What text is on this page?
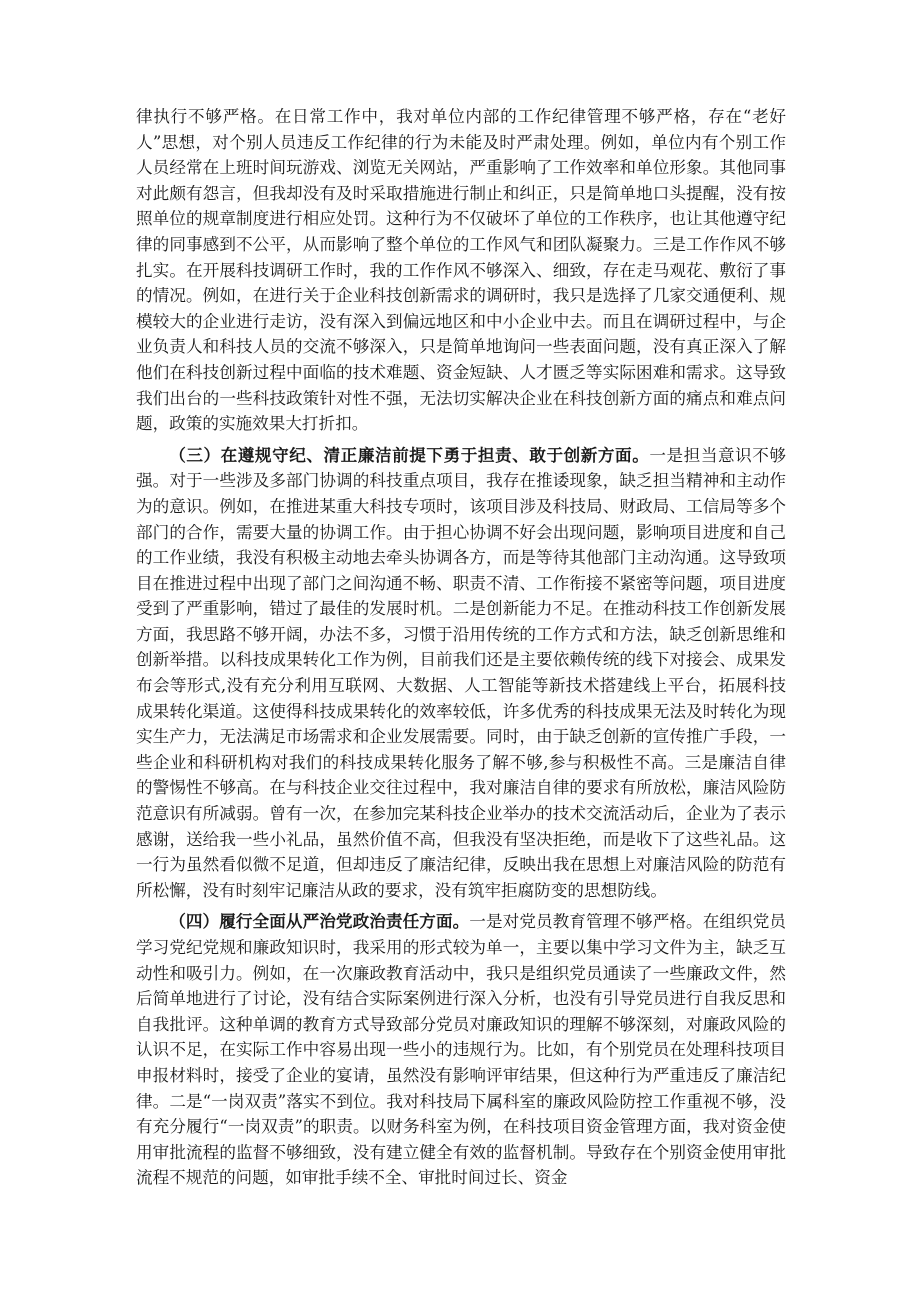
律执行不够严格。在日常工作中，我对单位内部的工作纪律管理不够严格，存在“老好人”思想，对个别人员违反工作纪律的行为未能及时严肃处理。例如，单位内有个别工作人员经常在上班时间玩游戏、浏览无关网站，严重影响了工作效率和单位形象。其他同事对此颇有怨言，但我却没有及时采取措施进行制止和纠正，只是简单地口头提醒，没有按照单位的规章制度进行相应处罚。这种行为不仅破坏了单位的工作秩序，也让其他遵守纪律的同事感到不公平，从而影响了整个单位的工作风气和团队凝聚力。三是工作作风不够扎实。在开展科技调研工作时，我的工作作风不够深入、细致，存在走马观花、敷衍了事的情况。例如，在进行关于企业科技创新需求的调研时，我只是选择了几家交通便利、规模较大的企业进行走访，没有深入到偏远地区和中小企业中去。而且在调研过程中，与企业负责人和科技人员的交流不够深入，只是简单地询问一些表面问题，没有真正深入了解他们在科技创新过程中面临的技术难题、资金短缺、人才匮乏等实际困难和需求。这导致我们出台的一些科技政策针对性不强，无法切实解决企业在科技创新方面的痛点和难点问题，政策的实施效果大打折扣。

（三）在遵规守纪、清正廉洁前提下勇于担责、敢于创新方面。一是担当意识不够强。对于一些涉及多部门协调的科技重点项目，我存在推诿现象，缺乏担当精神和主动作为的意识。例如，在推进某重大科技专项时，该项目涉及科技局、财政局、工信局等多个部门的合作，需要大量的协调工作。由于担心协调不好会出现问题，影响项目进度和自己的工作业绩，我没有积极主动地去牵头协调各方，而是等待其他部门主动沟通。这导致项目在推进过程中出现了部门之间沟通不畅、职责不清、工作衔接不紧密等问题，项目进度受到了严重影响，错过了最佳的发展时机。二是创新能力不足。在推动科技工作创新发展方面，我思路不够开阔，办法不多，习惯于沿用传统的工作方式和方法，缺乏创新思维和创新举措。以科技成果转化工作为例，目前我们还是主要依赖传统的线下对接会、成果发布会等形式,没有充分利用互联网、大数据、人工智能等新技术搭建线上平台，拓展科技成果转化渠道。这使得科技成果转化的效率较低，许多优秀的科技成果无法及时转化为现实生产力，无法满足市场需求和企业发展需要。同时，由于缺乏创新的宣传推广手段，一些企业和科研机构对我们的科技成果转化服务了解不够,参与积极性不高。三是廉洁自律的警惕性不够高。在与科技企业交往过程中，我对廉洁自律的要求有所放松，廉洁风险防范意识有所减弱。曾有一次，在参加完某科技企业举办的技术交流活动后，企业为了表示感谢，送给我一些小礼品，虽然价值不高，但我没有坚决拒绝，而是收下了这些礼品。这一行为虽然看似微不足道，但却违反了廉洁纪律，反映出我在思想上对廉洁风险的防范有所松懈，没有时刻牢记廉洁从政的要求，没有筑牢拒腐防变的思想防线。

（四）履行全面从严治党政治责任方面。一是对党员教育管理不够严格。在组织党员学习党纪党规和廉政知识时，我采用的形式较为单一，主要以集中学习文件为主，缺乏互动性和吸引力。例如，在一次廉政教育活动中，我只是组织党员通读了一些廉政文件，然后简单地进行了讨论，没有结合实际案例进行深入分析，也没有引导党员进行自我反思和自我批评。这种单调的教育方式导致部分党员对廉政知识的理解不够深刻，对廉政风险的认识不足，在实际工作中容易出现一些小的违规行为。比如，有个别党员在处理科技项目申报材料时，接受了企业的宴请，虽然没有影响评审结果，但这种行为严重违反了廉洁纪律。二是“一岗双责”落实不到位。我对科技局下属科室的廉政风险防控工作重视不够，没有充分履行“一岗双责”的职责。以财务科室为例，在科技项目资金管理方面，我对资金使用审批流程的监督不够细致，没有建立健全有效的监督机制。导致存在个别资金使用审批流程不规范的问题，如审批手续不全、审批时间过长、资金
